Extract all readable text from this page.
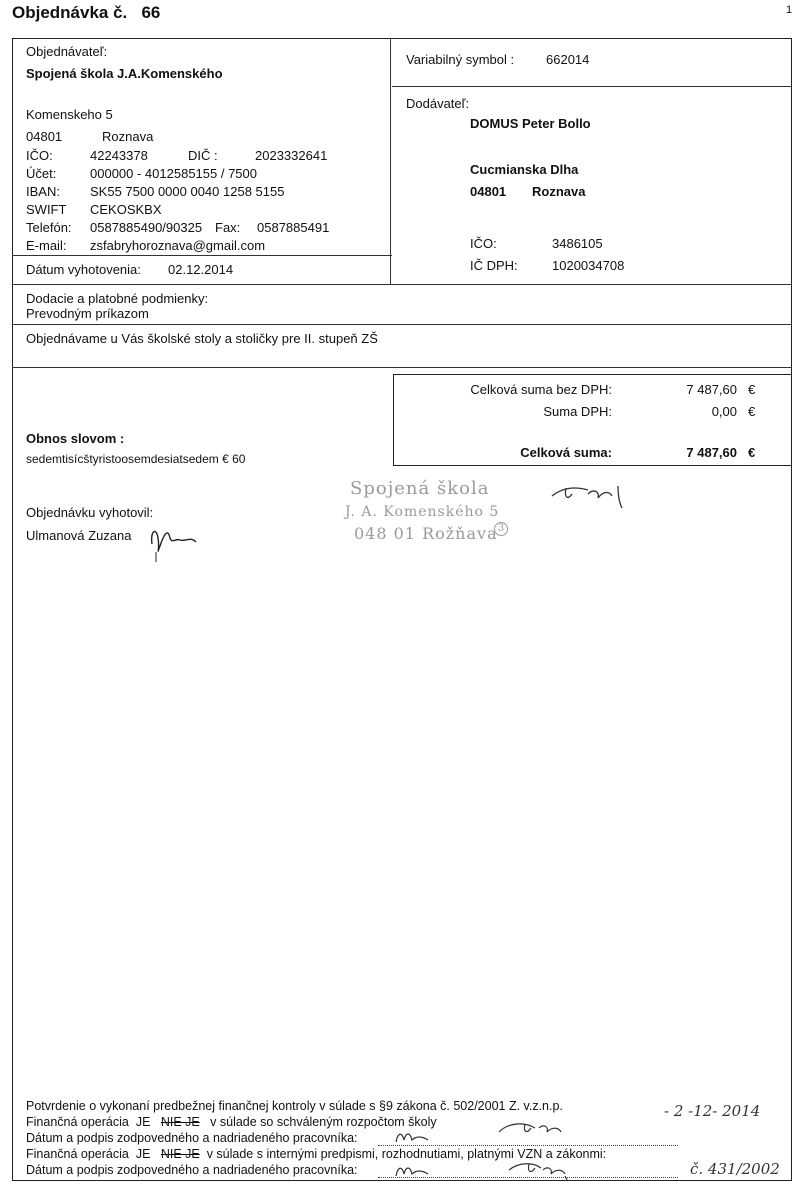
Objednávka č. 66	1
Objednávateľ:
Spojená škola J.A.Komenského
Komenskeho 5
04801	Roznava
IČO:	42243378	DIČ :	2023332641
Účet:	000000 - 4012585155 / 7500
IBAN: SK55 7500 0000 0040 1258 5155
SWIFT CEKOSKBX
Telefón: 0587885490/90325 Fax: 0587885491
E-mail: zsfabryhoroznava@gmail.com
Dátum vyhotovenia: 02.12.2014
Variabilný symbol : 662014
Dodávateľ:
DOMUS Peter Bollo
Cucmianska Dlha
04801 Roznava
IČO:	3486105
IČ DPH:	1020034708
Dodacie a platobné podmienky:
Prevodným príkazom
Objednávame u Vás školské stoly a stoličky pre II. stupeň ZŠ
Celková suma bez DPH:	7 487,60 €
Suma DPH:	0,00 €
Celková suma:	7 487,60 €
Obnos slovom :
sedemtisícštyristoosemdesiatsedem € 60
Objednávku vyhotovil:
Ulmanová Zuzana
Spojená škola
J. A. Komenského 5
048 01 Rožňava 3
Potvrdenie o vykonaní predbežnej finančnej kontroly v súlade s §9 zákona č. 502/2001 Z. v.z.n.p.
Finančná operácia JE NIE JE v súlade so schváleným rozpočtom školy
Dátum a podpis zodpovedného a nadriadeného pracovníka:
Finančná operácia JE NIE JE v súlade s internými predpismi, rozhodnutiami, platnými VZN a zákonmi:
Dátum a podpis zodpovedného a nadriadeného pracovníka:
- 2 -12- 2014
č. 431/2002
